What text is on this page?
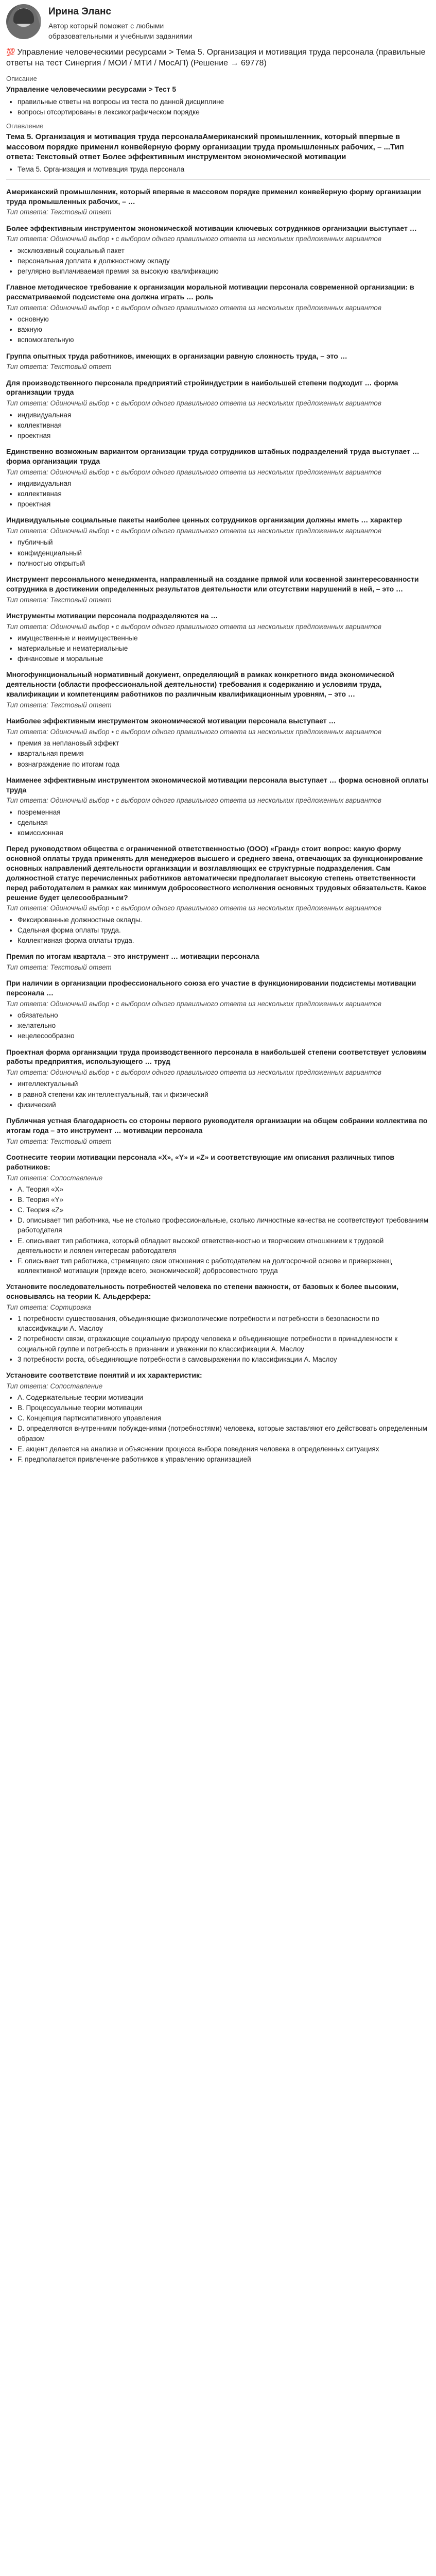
Ирина Эланс
Автор который поможет с любыми образовательными и учебными заданиями
💯 Управление человеческими ресурсами > Тема 5. Организация и мотивация труда персонала (правильные ответы на тест Синергия / МОИ / МТИ / МосАП) (Решение → 69778)
Описание
Управление человеческими ресурсами > Тест 5
• правильные ответы на вопросы из теста по данной дисциплине
• вопросы отсортированы в лексикографическом порядке
Оглавление
Тема 5. Организация и мотивация труда персоналаАмериканский промышленник, который впервые в массовом порядке применил конвейерную форму организации труда промышленных рабочих, – ...Тип ответа: Текстовый ответ Более эффективным инструментом экономической мотивации
• Тема 5. Организация и мотивация труда персонала
Американский промышленник, который впервые в массовом порядке применил конвейерную форму организации труда промышленных рабочих, – …
Тип ответа: Текстовый ответ
Более эффективным инструментом экономической мотивации ключевых сотрудников организации выступает …
Тип ответа: Одиночный выбор • с выбором одного правильного ответа из нескольких предложенных вариантов
• эксклюзивный социальный пакет
• персональная доплата к должностному окладу
• регулярно выплачиваемая премия за высокую квалификацию
Главное методическое требование к организации моральной мотивации персонала современной организации: в рассматриваемой подсистеме она должна играть … роль
Тип ответа: Одиночный выбор • с выбором одного правильного ответа из нескольких предложенных вариантов
• основную
• важную
• вспомогательную
Группа опытных труда работников, имеющих в организации равную сложность труда, – это …
Тип ответа: Текстовый ответ
Для производственного персонала предприятий стройиндустрии в наибольшей степени подходит … форма организации труда
Тип ответа: Одиночный выбор • с выбором одного правильного ответа из нескольких предложенных вариантов
• индивидуальная
• коллективная
• проектная
Единственно возможным вариантом организации труда сотрудников штабных подразделений труда выступает … форма организации труда
Тип ответа: Одиночный выбор • с выбором одного правильного ответа из нескольких предложенных вариантов
• индивидуальная
• коллективная
• проектная
Индивидуальные социальные пакеты наиболее ценных сотрудников организации должны иметь … характер
Тип ответа: Одиночный выбор • с выбором одного правильного ответа из нескольких предложенных вариантов
• публичный
• конфиденциальный
• полностью открытый
Инструмент персонального менеджмента, направленный на создание прямой или косвенной заинтересованности сотрудника в достижении определенных результатов деятельности или отсутствии нарушений в ней, – это …
Тип ответа: Текстовый ответ
Инструменты мотивации персонала подразделяются на …
Тип ответа: Одиночный выбор • с выбором одного правильного ответа из нескольких предложенных вариантов
• имущественные и неимущественные
• материальные и нематериальные
• финансовые и моральные
Многофункциональный нормативный документ, определяющий в рамках конкретного вида экономической деятельности (области профессиональной деятельности) требования к содержанию и условиям труда, квалификации и компетенциям работников по различным квалификационным уровням, – это …
Тип ответа: Текстовый ответ
Наиболее эффективным инструментом экономической мотивации персонала выступает …
Тип ответа: Одиночный выбор • с выбором одного правильного ответа из нескольких предложенных вариантов
• премия за неплановый эффект
• квартальная премия
• вознаграждение по итогам года
Наименее эффективным инструментом экономической мотивации персонала выступает … форма основной оплаты труда
Тип ответа: Одиночный выбор • с выбором одного правильного ответа из нескольких предложенных вариантов
• повременная
• сдельная
• комиссионная
Перед руководством общества с ограниченной ответственностью (ООО) «Гранд» стоит вопрос: какую форму основной оплаты труда применять для менеджеров высшего и среднего звена, отвечающих за функционирование основных направлений деятельности организации и возглавляющих ее структурные подразделения. Сам должностной статус перечисленных работников автоматически предполагает высокую степень ответственности перед работодателем в рамках как минимум добросовестного исполнения основных трудовых обязательств. Какое решение будет целесообразным?
Тип ответа: Одиночный выбор • с выбором одного правильного ответа из нескольких предложенных вариантов
• Фиксированные должностные оклады.
• Сдельная форма оплаты труда.
• Коллективная форма оплаты труда.
Премия по итогам квартала – это инструмент … мотивации персонала
Тип ответа: Текстовый ответ
При наличии в организации профессионального союза его участие в функционировании подсистемы мотивации персонала …
Тип ответа: Одиночный выбор • с выбором одного правильного ответа из нескольких предложенных вариантов
• обязательно
• желательно
• нецелесообразно
Проектная форма организации труда производственного персонала в наибольшей степени соответствует условиям работы предприятия, использующего … труд
Тип ответа: Одиночный выбор • с выбором одного правильного ответа из нескольких предложенных вариантов
• интеллектуальный
• в равной степени как интеллектуальный, так и физический
• физический
Публичная устная благодарность со стороны первого руководителя организации на общем собрании коллектива по итогам года – это инструмент … мотивации персонала
Тип ответа: Текстовый ответ
Соотнесите теории мотивации персонала «X», «Y» и «Z» и соответствующие им описания различных типов работников:
Тип ответа: Сопоставление
• A. Теория «X»
• B. Теория «Y»
• C. Теория «Z»
• D. описывает тип работника, чье не столько профессиональные, сколько личностные качества не соответствуют требованиям работодателя
• E. описывает тип работника, который обладает высокой ответственностью и творческим отношением к трудовой деятельности и лоялен интересам работодателя
• F. описывает тип работника, стремящего свои отношения с работодателем на долгосрочной основе и приверженец коллективной мотивации (прежде всего, экономической) добросовестного труда
Установите последовательность потребностей человека по степени важности, от базовых к более высоким, основываясь на теории К. Альдерфера:
Тип ответа: Сортировка
• 1 потребности существования, объединяющие физиологические потребности и потребности в безопасности по классификации А. Маслоу
• 2 потребности связи, отражающие социальную природу человека и объединяющие потребности в принадлежности к социальной группе и потребность в признании и уважении по классификации А. Маслоу
• 3 потребности роста, объединяющие потребности в самовыражении по классификации А. Маслоу
Установите соответствие понятий и их характеристик:
Тип ответа: Сопоставление
• A. Содержательные теории мотивации
• B. Процессуальные теории мотивации
• C. Концепция партисипативного управления
• D. определяются внутренними побуждениями (потребностями) человека, которые заставляют его действовать определенным образом
• E. акцент делается на анализе и объяснении процесса выбора поведения человека в определенных ситуациях
• F. предполагается привлечение работников к управлению организацией
